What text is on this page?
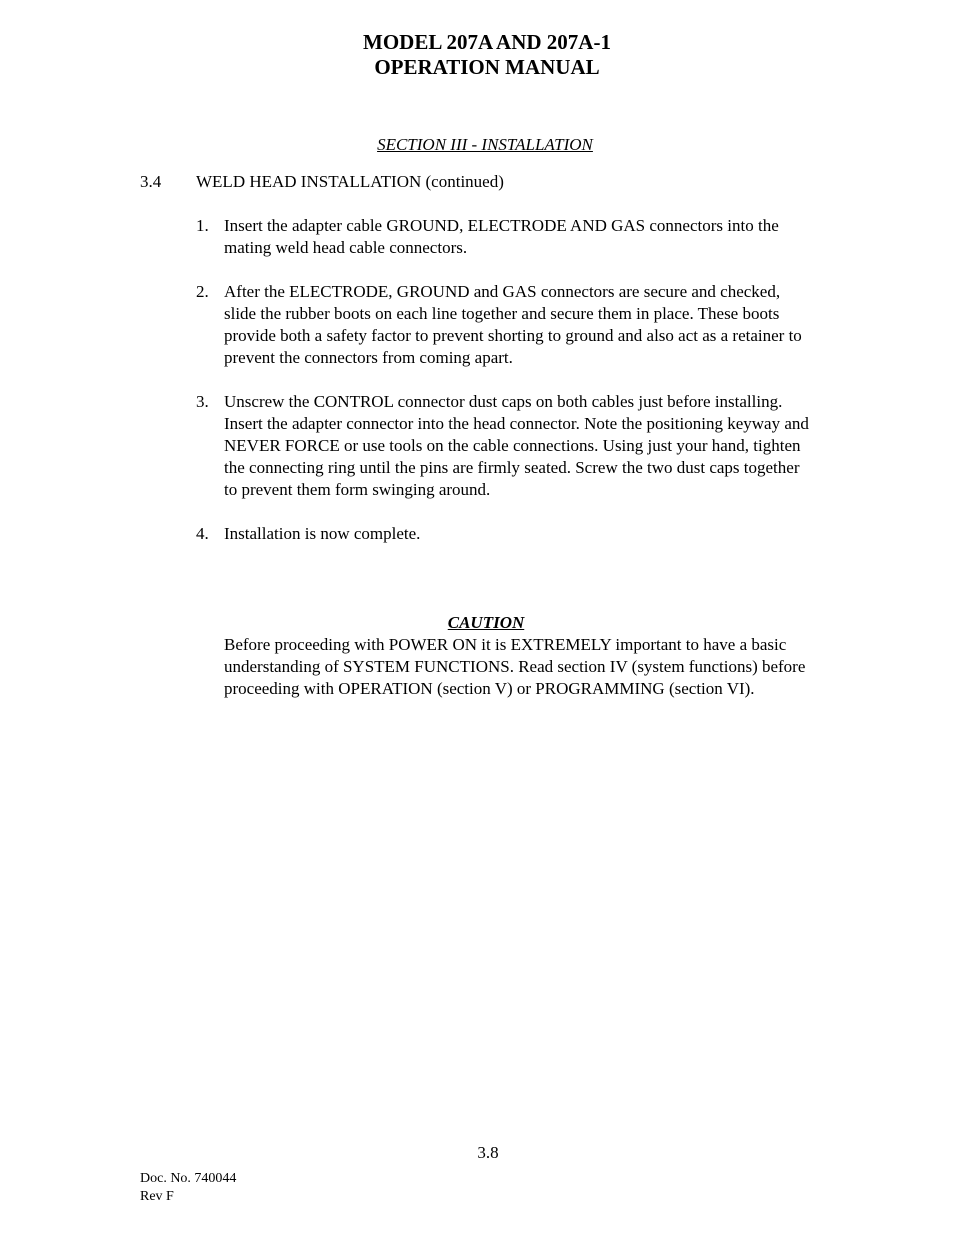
MODEL 207A AND 207A-1
OPERATION MANUAL
SECTION III - INSTALLATION
3.4 WELD HEAD INSTALLATION (continued)
1. Insert the adapter cable GROUND, ELECTRODE AND GAS connectors into the mating weld head cable connectors.
2. After the ELECTRODE, GROUND and GAS connectors are secure and checked, slide the rubber boots on each line together and secure them in place. These boots provide both a safety factor to prevent shorting to ground and also act as a retainer to prevent the connectors from coming apart.
3. Unscrew the CONTROL connector dust caps on both cables just before installing. Insert the adapter connector into the head connector. Note the positioning keyway and NEVER FORCE or use tools on the cable connections. Using just your hand, tighten the connecting ring until the pins are firmly seated. Screw the two dust caps together to prevent them form swinging around.
4. Installation is now complete.
CAUTION
Before proceeding with POWER ON it is EXTREMELY important to have a basic understanding of SYSTEM FUNCTIONS. Read section IV (system functions) before proceeding with OPERATION (section V) or PROGRAMMING (section VI).
3.8
Doc. No. 740044
Rev F
